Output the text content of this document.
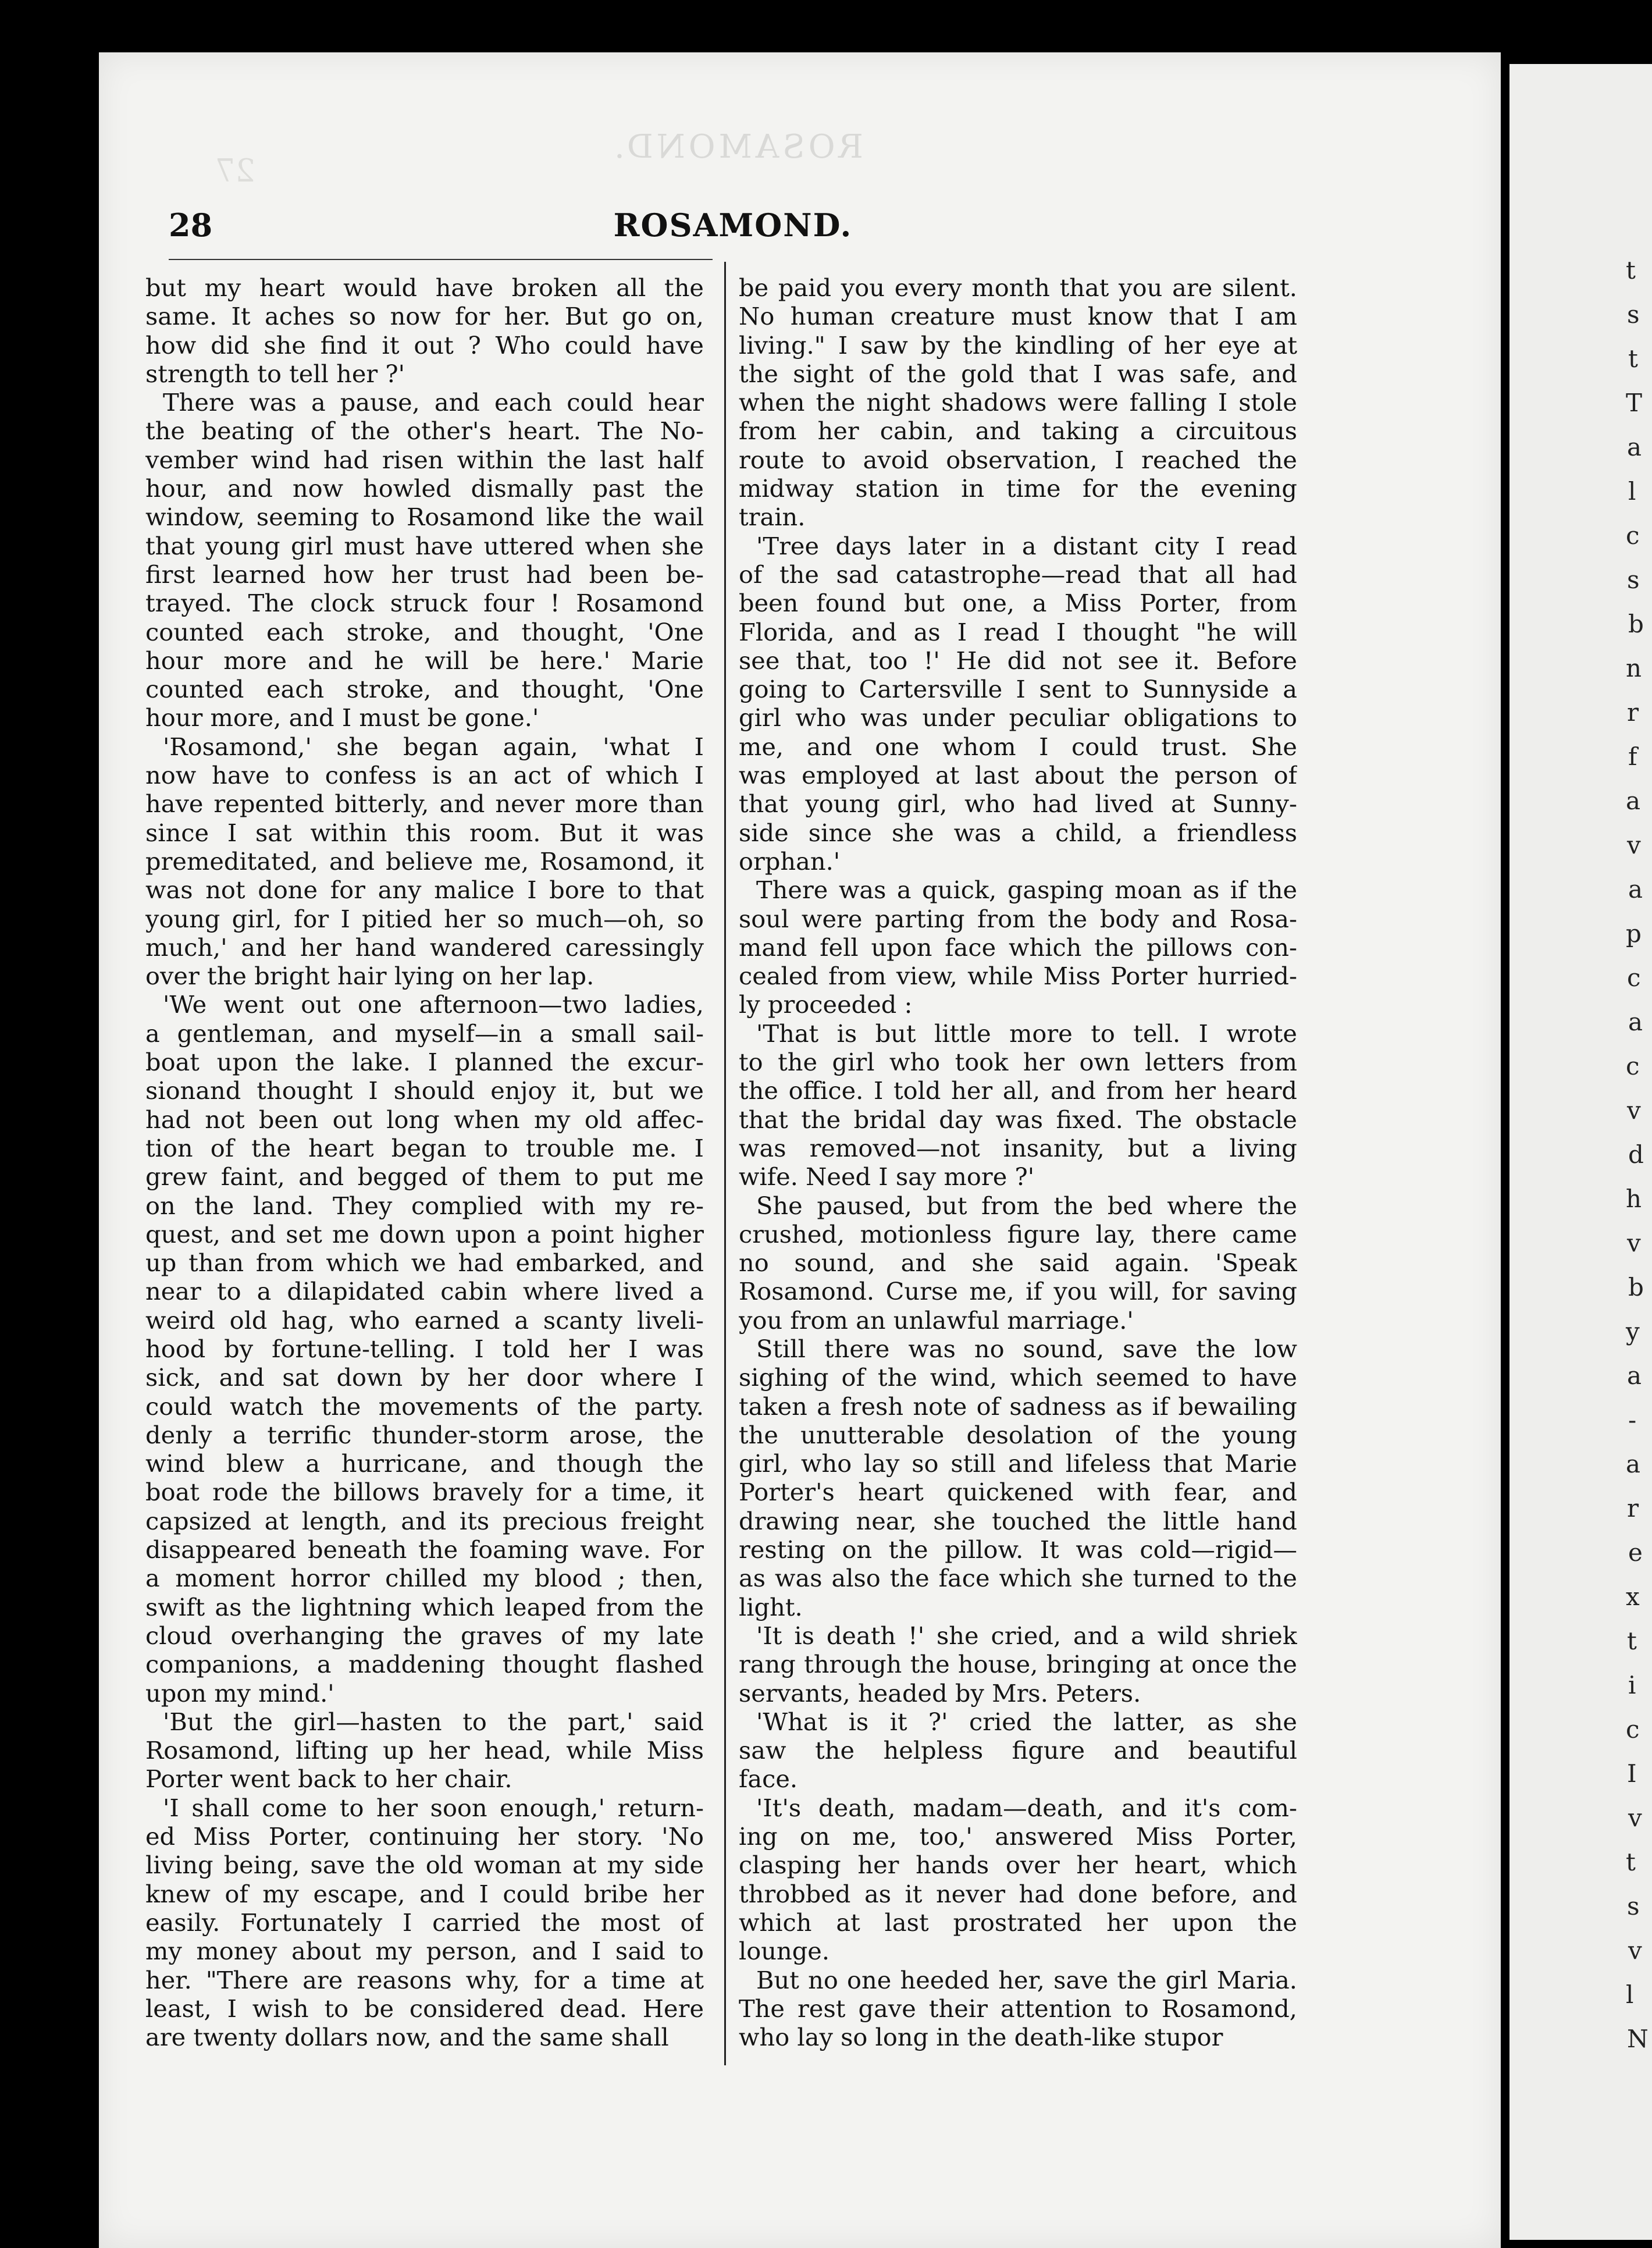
ROSAMOND.
27
28	ROSAMOND.
but my heart would have broken all the
same. It aches so now for her. But go on,
how did she find it out ? Who could have
strength to tell her ?'
There was a pause, and each could hear
the beating of the other's heart. The No-
vember wind had risen within the last half
hour, and now howled dismally past the
window, seeming to Rosamond like the wail
that young girl must have uttered when she
first learned how her trust had been be-
trayed. The clock struck four ! Rosamond
counted each stroke, and thought, 'One
hour more and he will be here.' Marie
counted each stroke, and thought, 'One
hour more, and I must be gone.'
'Rosamond,' she began again, 'what I
now have to confess is an act of which I
have repented bitterly, and never more than
since I sat within this room. But it was
premeditated, and believe me, Rosamond, it
was not done for any malice I bore to that
young girl, for I pitied her so much—oh, so
much,' and her hand wandered caressingly
over the bright hair lying on her lap.
'We went out one afternoon—two ladies,
a gentleman, and myself—in a small sail-
boat upon the lake. I planned the excur-
sionand thought I should enjoy it, but we
had not been out long when my old affec-
tion of the heart began to trouble me. I
grew faint, and begged of them to put me
on the land. They complied with my re-
quest, and set me down upon a point higher
up than from which we had embarked, and
near to a dilapidated cabin where lived a
weird old hag, who earned a scanty liveli-
hood by fortune-telling. I told her I was
sick, and sat down by her door where I
could watch the movements of the party.
denly a terrific thunder-storm arose, the
wind blew a hurricane, and though the
boat rode the billows bravely for a time, it
capsized at length, and its precious freight
disappeared beneath the foaming wave. For
a moment horror chilled my blood ; then,
swift as the lightning which leaped from the
cloud overhanging the graves of my late
companions, a maddening thought flashed
upon my mind.'
'But the girl—hasten to the part,' said
Rosamond, lifting up her head, while Miss
Porter went back to her chair.
'I shall come to her soon enough,' return-
ed Miss Porter, continuing her story. 'No
living being, save the old woman at my side
knew of my escape, and I could bribe her
easily. Fortunately I carried the most of
my money about my person, and I said to
her. "There are reasons why, for a time at
least, I wish to be considered dead. Here
are twenty dollars now, and the same shall
be paid you every month that you are silent.
No human creature must know that I am
living." I saw by the kindling of her eye at
the sight of the gold that I was safe, and
when the night shadows were falling I stole
from her cabin, and taking a circuitous
route to avoid observation, I reached the
midway station in time for the evening
train.
'Tree days later in a distant city I read
of the sad catastrophe—read that all had
been found but one, a Miss Porter, from
Florida, and as I read I thought "he will
see that, too !' He did not see it. Before
going to Cartersville I sent to Sunnyside a
girl who was under peculiar obligations to
me, and one whom I could trust. She
was employed at last about the person of
that young girl, who had lived at Sunny-
side since she was a child, a friendless
orphan.'
There was a quick, gasping moan as if the
soul were parting from the body and Rosa-
mand fell upon face which the pillows con-
cealed from view, while Miss Porter hurried-
ly proceeded :
'That is but little more to tell. I wrote
to the girl who took her own letters from
the office. I told her all, and from her heard
that the bridal day was fixed. The obstacle
was removed—not insanity, but a living
wife. Need I say more ?'
She paused, but from the bed where the
crushed, motionless figure lay, there came
no sound, and she said again. 'Speak
Rosamond. Curse me, if you will, for saving
you from an unlawful marriage.'
Still there was no sound, save the low
sighing of the wind, which seemed to have
taken a fresh note of sadness as if bewailing
the unutterable desolation of the young
girl, who lay so still and lifeless that Marie
Porter's heart quickened with fear, and
drawing near, she touched the little hand
resting on the pillow. It was cold—rigid—
as was also the face which she turned to the
light.
'It is death !' she cried, and a wild shriek
rang through the house, bringing at once the
servants, headed by Mrs. Peters.
'What is it ?' cried the latter, as she
saw the helpless figure and beautiful
face.
'It's death, madam—death, and it's com-
ing on me, too,' answered Miss Porter,
clasping her hands over her heart, which
throbbed as it never had done before, and
which at last prostrated her upon the
lounge.
But no one heeded her, save the girl Maria.
The rest gave their attention to Rosamond,
who lay so long in the death-like stupor
t
s
t
T
a
l
c
s
b
n
r
f
a
v
a
p
c
a
c
v
d
h
v
b
y
a
-
a
r
e
x
t
i
c
I
v
t
s
v
l
N
